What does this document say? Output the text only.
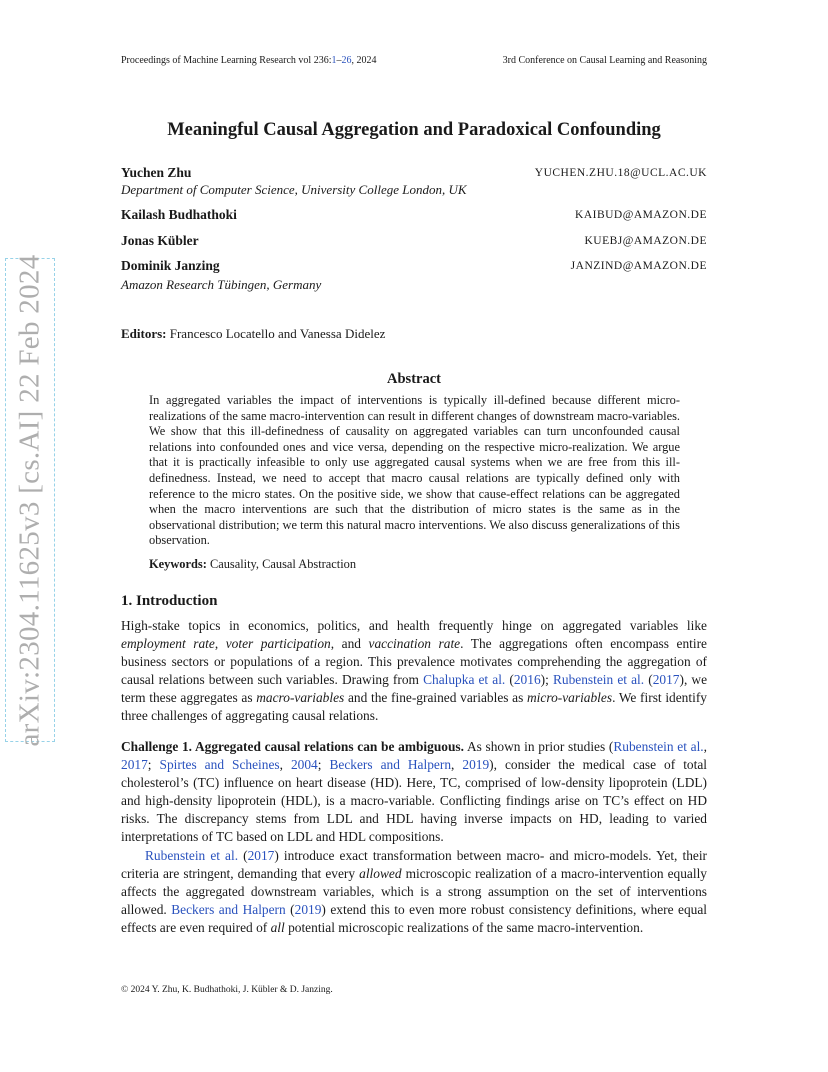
Proceedings of Machine Learning Research vol 236:1–26, 2024	3rd Conference on Causal Learning and Reasoning
arXiv:2304.11625v3 [cs.AI] 22 Feb 2024
Meaningful Causal Aggregation and Paradoxical Confounding
Yuchen Zhu	YUCHEN.ZHU.18@UCL.AC.UK
Department of Computer Science, University College London, UK
Kailash Budhathoki	KAIBUD@AMAZON.DE
Jonas Kübler	KUEBJ@AMAZON.DE
Dominik Janzing	JANZIND@AMAZON.DE
Amazon Research Tübingen, Germany
Editors: Francesco Locatello and Vanessa Didelez
Abstract

In aggregated variables the impact of interventions is typically ill-defined because different micro-realizations of the same macro-intervention can result in different changes of downstream macro-variables. We show that this ill-definedness of causality on aggregated variables can turn unconfounded causal relations into confounded ones and vice versa, depending on the respective micro-realization. We argue that it is practically infeasible to only use aggregated causal systems when we are free from this ill-definedness. Instead, we need to accept that macro causal relations are typically defined only with reference to the micro states. On the positive side, we show that cause-effect relations can be aggregated when the macro interventions are such that the distribution of micro states is the same as in the observational distribution; we term this natural macro interventions. We also discuss generalizations of this observation.

Keywords: Causality, Causal Abstraction
1. Introduction

High-stake topics in economics, politics, and health frequently hinge on aggregated variables like employment rate, voter participation, and vaccination rate. The aggregations often encompass entire business sectors or populations of a region. This prevalence motivates comprehending the aggregation of causal relations between such variables. Drawing from Chalupka et al. (2016); Rubenstein et al. (2017), we term these aggregates as macro-variables and the fine-grained variables as micro-variables. We first identify three challenges of aggregating causal relations.

Challenge 1. Aggregated causal relations can be ambiguous. As shown in prior studies (Rubenstein et al., 2017; Spirtes and Scheines, 2004; Beckers and Halpern, 2019), consider the medical case of total cholesterol’s (TC) influence on heart disease (HD). Here, TC, comprised of low-density lipoprotein (LDL) and high-density lipoprotein (HDL), is a macro-variable. Conflicting findings arise on TC’s effect on HD risks. The discrepancy stems from LDL and HDL having inverse impacts on HD, leading to varied interpretations of TC based on LDL and HDL compositions.

Rubenstein et al. (2017) introduce exact transformation between macro- and micro-models. Yet, their criteria are stringent, demanding that every allowed microscopic realization of a macro-intervention equally affects the aggregated downstream variables, which is a strong assumption on the set of interventions allowed. Beckers and Halpern (2019) extend this to even more robust consistency definitions, where equal effects are even required of all potential microscopic realizations of the same macro-intervention.

© 2024 Y. Zhu, K. Budhathoki, J. Kübler & D. Janzing.
